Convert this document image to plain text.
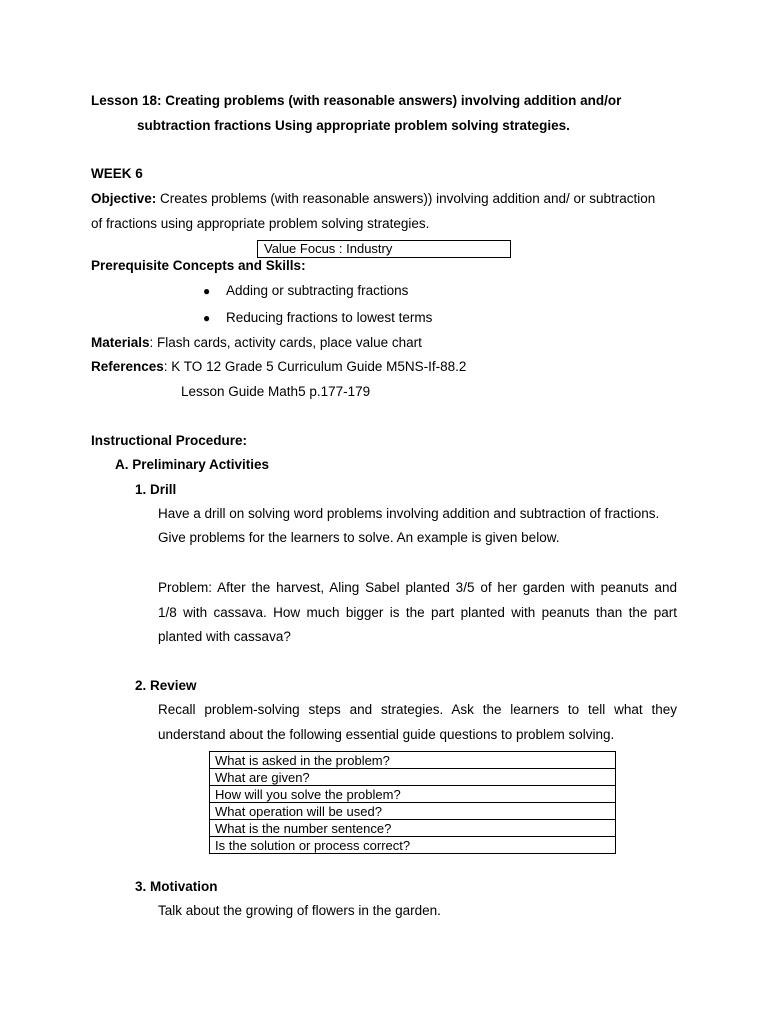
Lesson 18: Creating problems (with reasonable answers) involving addition and/or
subtraction fractions Using appropriate problem solving strategies.
WEEK 6
Objective: Creates problems (with reasonable answers)) involving addition and/ or subtraction
of fractions using appropriate problem solving strategies.
Value Focus : Industry
Prerequisite Concepts and Skills:
● Adding or subtracting fractions
● Reducing fractions to lowest terms
Materials: Flash cards, activity cards, place value chart
References: K TO 12 Grade 5 Curriculum Guide M5NS-If-88.2
Lesson Guide Math5 p.177-179
Instructional Procedure:
A. Preliminary Activities
1. Drill
Have a drill on solving word problems involving addition and subtraction of fractions.
Give problems for the learners to solve. An example is given below.
Problem: After the harvest, Aling Sabel planted 3/5 of her garden with peanuts and
1/8 with cassava. How much bigger is the part planted with peanuts than the part
planted with cassava?
2. Review
Recall problem-solving steps and strategies. Ask the learners to tell what they
understand about the following essential guide questions to problem solving.
What is asked in the problem?
What are given?
How will you solve the problem?
What operation will be used?
What is the number sentence?
Is the solution or process correct?
3. Motivation
Talk about the growing of flowers in the garden.
